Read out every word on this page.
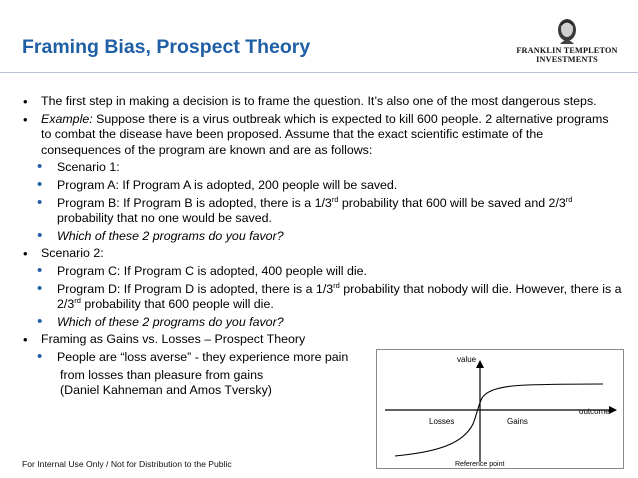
Framing Bias, Prospect Theory	FRANKLIN TEMPLETON
INVESTMENTS
• The first step in making a decision is to frame the question. It’s also one of the most dangerous steps.
• Example: Suppose there is a virus outbreak which is expected to kill 600 people. 2 alternative programs to combat the disease have been proposed. Assume that the exact scientific estimate of the consequences of the program are known and are as follows:
• Scenario 1:
• Program A: If Program A is adopted, 200 people will be saved.
• Program B: If Program B is adopted, there is a 1/3rd probability that 600 will be saved and 2/3rd probability that no one would be saved.
• Which of these 2 programs do you favor?
• Scenario 2:
• Program C: If Program C is adopted, 400 people will die.
• Program D: If Program D is adopted, there is a 1/3rd probability that nobody will die. However, there is a 2/3rd probability that 600 people will die.
• Which of these 2 programs do you favor?
• Framing as Gains vs. Losses – Prospect Theory
• People are “loss averse” - they experience more pain
from losses than pleasure from gains
(Daniel Kahneman and Amos Tversky)
value
outcome
Losses	Gains
Reference point
For Internal Use Only / Not for Distribution to the Public
